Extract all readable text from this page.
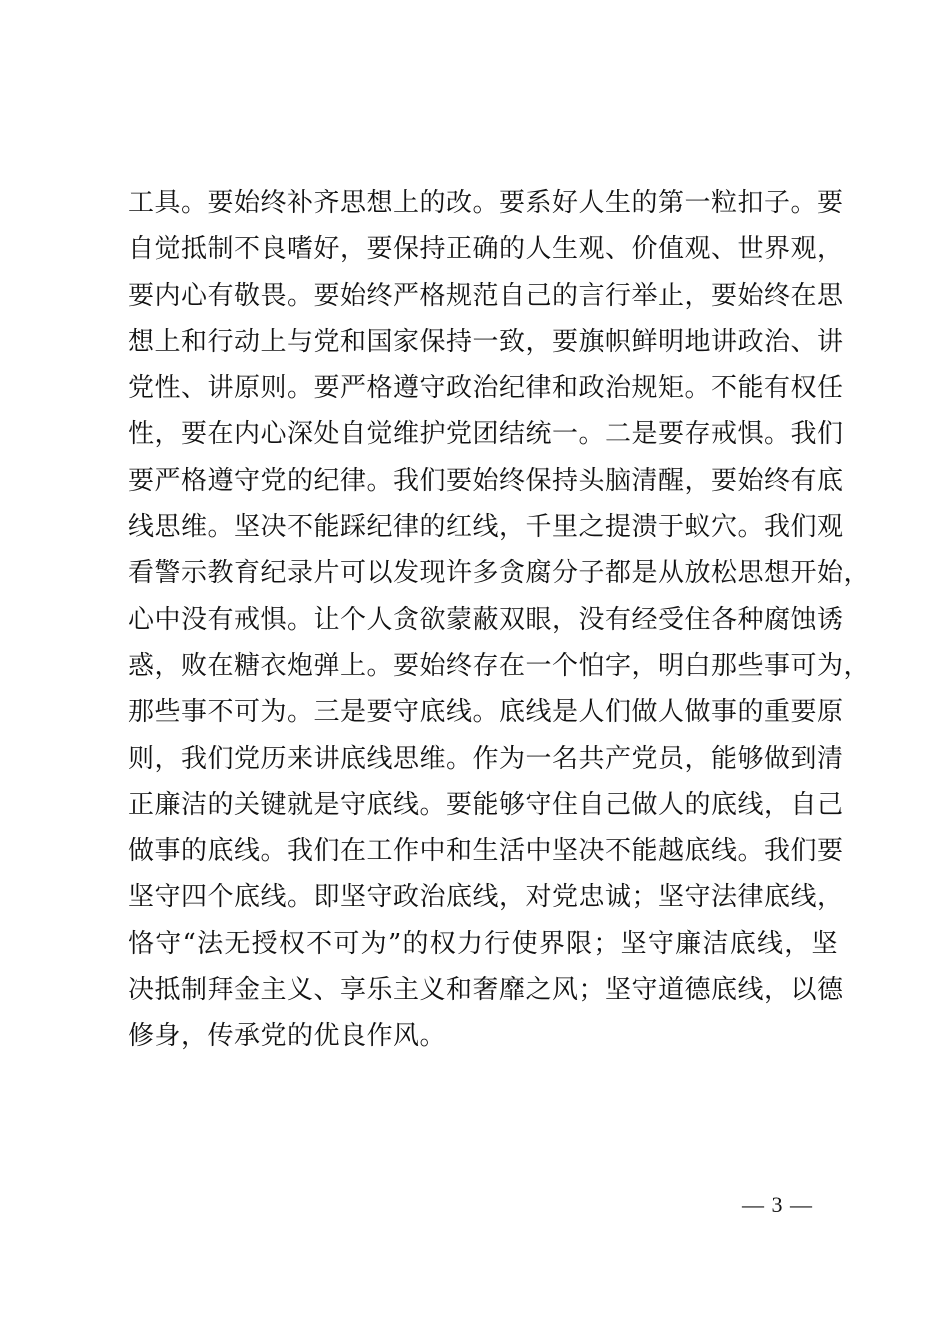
工具。要始终补齐思想上的改。要系好人生的第一粒扣子。要
自觉抵制不良嗜好，要保持正确的人生观、价值观、世界观，
要内心有敬畏。要始终严格规范自己的言行举止，要始终在思
想上和行动上与党和国家保持一致，要旗帜鲜明地讲政治、讲
党性、讲原则。要严格遵守政治纪律和政治规矩。不能有权任
性，要在内心深处自觉维护党团结统一。二是要存戒惧。我们
要严格遵守党的纪律。我们要始终保持头脑清醒，要始终有底
线思维。坚决不能踩纪律的红线，千里之提溃于蚁穴。我们观
看警示教育纪录片可以发现许多贪腐分子都是从放松思想开始，
心中没有戒惧。让个人贪欲蒙蔽双眼，没有经受住各种腐蚀诱
惑，败在糖衣炮弹上。要始终存在一个怕字，明白那些事可为，
那些事不可为。三是要守底线。底线是人们做人做事的重要原
则，我们党历来讲底线思维。作为一名共产党员，能够做到清
正廉洁的关键就是守底线。要能够守住自己做人的底线，自己
做事的底线。我们在工作中和生活中坚决不能越底线。我们要
坚守四个底线。即坚守政治底线，对党忠诚；坚守法律底线，
恪守“法无授权不可为”的权力行使界限；坚守廉洁底线，坚
决抵制拜金主义、享乐主义和奢靡之风；坚守道德底线，以德
修身，传承党的优良作风。
— 3 —
